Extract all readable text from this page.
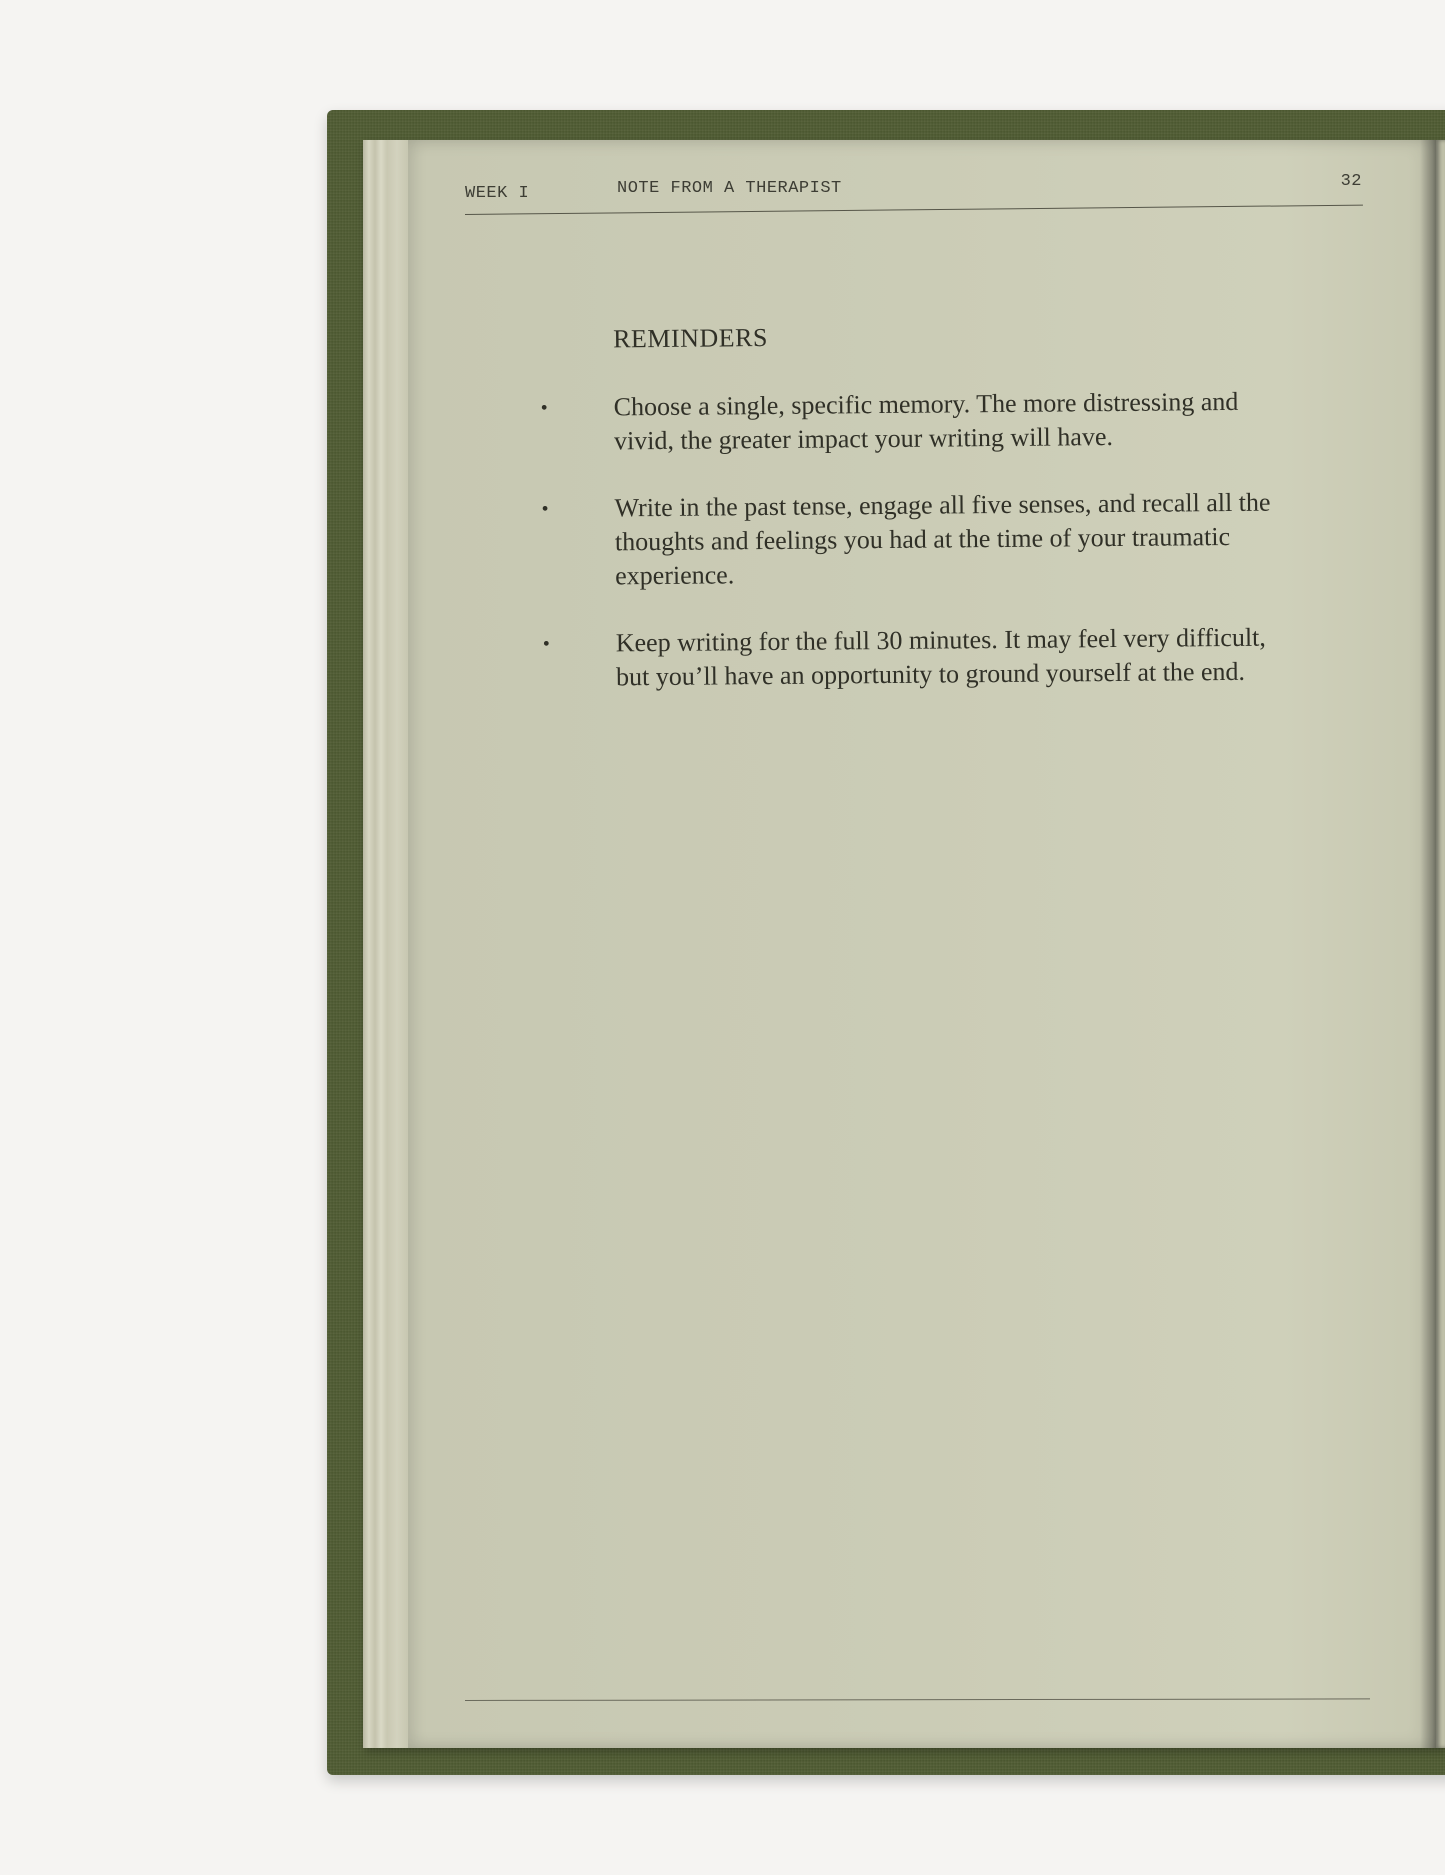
WEEK I	NOTE FROM A THERAPIST	32
REMINDERS
•	Choose a single, specific memory. The more distressing and vivid, the greater impact your writing will have.
•	Write in the past tense, engage all five senses, and recall all the thoughts and feelings you had at the time of your traumatic experience.
•	Keep writing for the full 30 minutes. It may feel very difficult, but you’ll have an opportunity to ground yourself at the end.
